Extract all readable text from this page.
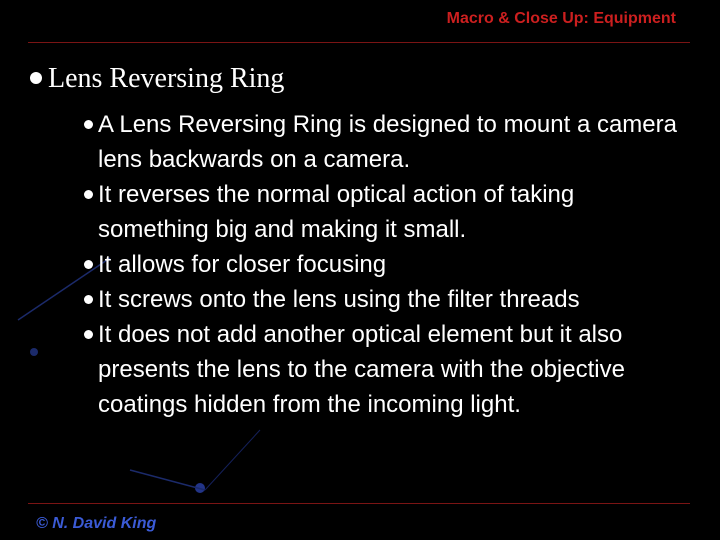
Macro & Close Up: Equipment
Lens Reversing Ring
A Lens Reversing Ring is designed to mount a camera lens backwards on a camera.
It reverses the normal optical action of taking something big and making it small.
It allows for closer focusing
It screws onto the lens using the filter threads
It does not add another optical element but it also presents the lens to the camera with the objective coatings hidden from the incoming light.
© N. David King
